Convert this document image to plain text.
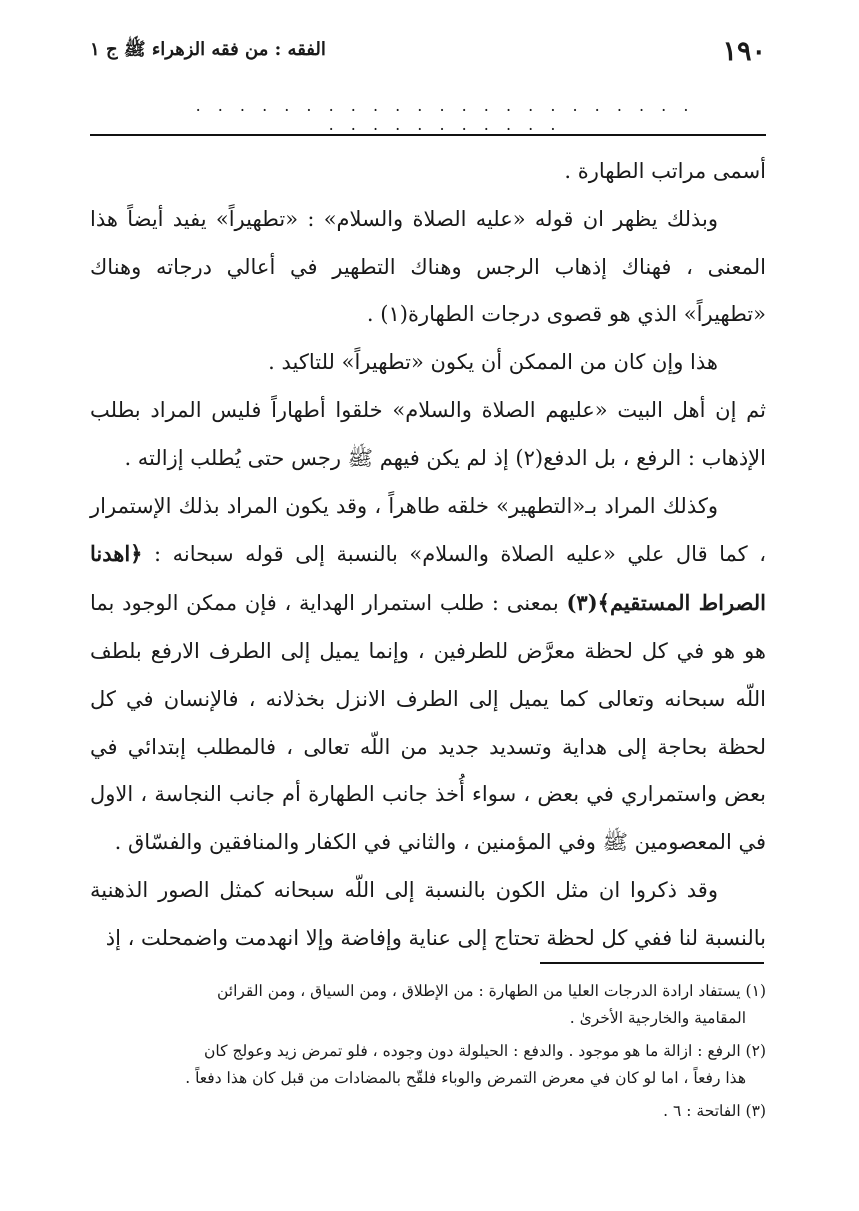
١٩٠
الفقه : من فقه الزهراء ﷺ ج ١
. . . . . . . . . . . . . . . . . . . . . . . . . . . . . . . . . .

أسمى مراتب الطهارة .

وبذلك يظهر ان قوله «عليه الصلاة والسلام» : «تطهيراً» يفيد أيضاً هذا المعنى ، فهناك إذهاب الرجس وهناك التطهير في أعالي درجاته وهناك «تطهيراً» الذي هو قصوى درجات الطهارة(١) .

هذا وإن كان من الممكن أن يكون «تطهيراً» للتاكيد .

ثم إن أهل البيت «عليهم الصلاة والسلام» خلقوا أطهاراً فليس المراد بطلب الإذهاب : الرفع ، بل الدفع(٢) إذ لم يكن فيهم ﷺ رجس حتى يُطلب إزالته .

وكذلك المراد بـ«التطهير» خلقه طاهراً ، وقد يكون المراد بذلك الإستمرار ، كما قال علي «عليه الصلاة والسلام» بالنسبة إلى قوله سبحانه : ﴿اهدنا الصراط المستقيم﴾(٣) بمعنى : طلب استمرار الهداية ، فإن ممكن الوجود بما هو هو في كل لحظة معرَّض للطرفين ، وإنما يميل إلى الطرف الارفع بلطف اللّه سبحانه وتعالى كما يميل إلى الطرف الانزل بخذلانه ، فالإنسان في كل لحظة بحاجة إلى هداية وتسديد جديد من اللّه تعالى ، فالمطلب إبتدائي في بعض واستمراري في بعض ، سواء أُخذ جانب الطهارة أم جانب النجاسة ، الاول في المعصومين ﷺ وفي المؤمنين ، والثاني في الكفار والمنافقين والفسّاق .

وقد ذكروا ان مثل الكون بالنسبة إلى اللّه سبحانه كمثل الصور الذهنية بالنسبة لنا ففي كل لحظة تحتاج إلى عناية وإفاضة وإلا انهدمت واضمحلت ، إذ

(١) يستفاد ارادة الدرجات العليا من الطهارة : من الإطلاق ، ومن السياق ، ومن القرائن
المقامية والخارجية الأخرىٰ .
(٢) الرفع : ازالة ما هو موجود . والدفع : الحيلولة دون وجوده ، فلو تمرض زيد وعولج كان
هذا رفعاً ، اما لو كان في معرض التمرض والوباء فلقّح بالمضادات من قبل كان هذا دفعاً .
(٣) الفاتحة : ٦ .
